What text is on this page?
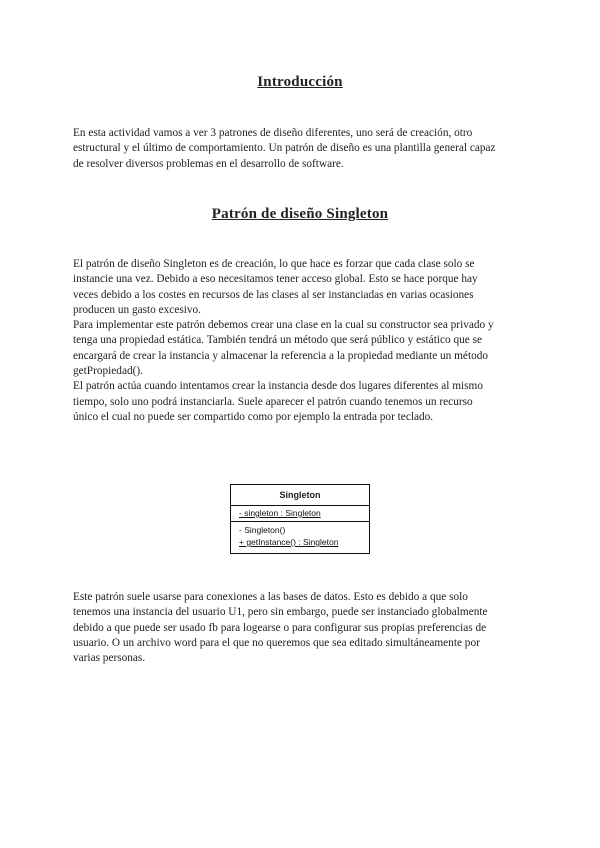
Introducción

En esta actividad vamos a ver 3 patrones de diseño diferentes, uno será de creación, otro
estructural y el último de comportamiento. Un patrón de diseño es una plantilla general capaz
de resolver diversos problemas en el desarrollo de software.

Patrón de diseño Singleton

El patrón de diseño Singleton es de creación, lo que hace es forzar que cada clase solo se
instancie una vez. Debido a eso necesitamos tener acceso global. Esto se hace porque hay
veces debido a los costes en recursos de las clases al ser instanciadas en varias ocasiones
producen un gasto excesivo.
Para implementar este patrón debemos crear una clase en la cual su constructor sea privado y
tenga una propiedad estática. También tendrá un método que será público y estático que se
encargará de crear la instancia y almacenar la referencia a la propiedad mediante un método
getPropiedad().
El patrón actúa cuando intentamos crear la instancia desde dos lugares diferentes al mismo
tiempo, solo uno podrá instanciarla. Suele aparecer el patrón cuando tenemos un recurso
único el cual no puede ser compartido como por ejemplo la entrada por teclado.

Singleton
- singleton : Singleton
- Singleton()
+ getInstance() : Singleton

Este patrón suele usarse para conexiones a las bases de datos. Esto es debido a que solo
tenemos una instancia del usuario U1, pero sin embargo, puede ser instanciado globalmente
debido a que puede ser usado fb para logearse o para configurar sus propias preferencias de
usuario. O un archivo word para el que no queremos que sea editado simultáneamente por
varias personas.
